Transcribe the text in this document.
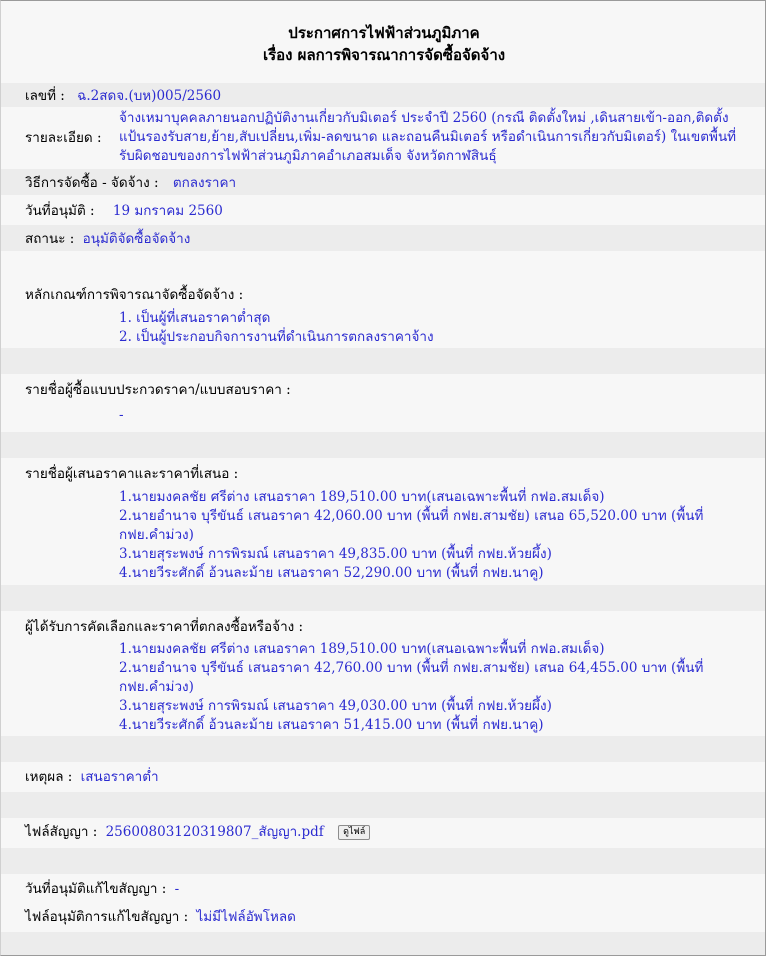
ประกาศการไฟฟ้าส่วนภูมิภาค
เรื่อง ผลการพิจารณาการจัดซื้อจัดจ้าง
เลขที่ : ฉ.2สดจ.(บห)005/2560
รายละเอียด :
จ้างเหมาบุคคลภายนอกปฏิบัติงานเกี่ยวกับมิเตอร์ ประจำปี 2560 (กรณี ติดตั้งใหม่ ,เดินสายเข้า-ออก,ติดตั้ง
แป้นรองรับสาย,ย้าย,สับเปลี่ยน,เพิ่ม-ลดขนาด และถอนคืนมิเตอร์ หรือดำเนินการเกี่ยวกับมิเตอร์) ในเขตพื้นที่
รับผิดชอบของการไฟฟ้าส่วนภูมิภาคอำเภอสมเด็จ จังหวัดกาฬสินธุ์
วิธีการจัดซื้อ - จัดจ้าง : ตกลงราคา
วันที่อนุมัติ : 19 มกราคม 2560
สถานะ : อนุมัติจัดซื้อจัดจ้าง
หลักเกณฑ์การพิจารณาจัดซื้อจัดจ้าง :
1. เป็นผู้ที่เสนอราคาต่ำสุด
2. เป็นผู้ประกอบกิจการงานที่ดำเนินการตกลงราคาจ้าง
รายชื่อผู้ซื้อแบบประกวดราคา/แบบสอบราคา :
-
รายชื่อผู้เสนอราคาและราคาที่เสนอ :
1.นายมงคลชัย ศรีต่าง เสนอราคา 189,510.00 บาท(เสนอเฉพาะพื้นที่ กฟอ.สมเด็จ)
2.นายอำนาจ บุรีขันธ์ เสนอราคา 42,060.00 บาท (พื้นที่ กฟย.สามชัย) เสนอ 65,520.00 บาท (พื้นที่
กฟย.คำม่วง)
3.นายสุระพงษ์ การพิรมณ์ เสนอราคา 49,835.00 บาท (พื้นที่ กฟย.ห้วยผึ้ง)
4.นายวีระศักดิ์ อ้วนละม้าย เสนอราคา 52,290.00 บาท (พื้นที่ กฟย.นาคู)
ผู้ได้รับการคัดเลือกและราคาที่ตกลงซื้อหรือจ้าง :
1.นายมงคลชัย ศรีต่าง เสนอราคา 189,510.00 บาท(เสนอเฉพาะพื้นที่ กฟอ.สมเด็จ)
2.นายอำนาจ บุรีขันธ์ เสนอราคา 42,760.00 บาท (พื้นที่ กฟย.สามชัย) เสนอ 64,455.00 บาท (พื้นที่
กฟย.คำม่วง)
3.นายสุระพงษ์ การพิรมณ์ เสนอราคา 49,030.00 บาท (พื้นที่ กฟย.ห้วยผึ้ง)
4.นายวีระศักดิ์ อ้วนละม้าย เสนอราคา 51,415.00 บาท (พื้นที่ กฟย.นาคู)
เหตุผล : เสนอราคาต่ำ
ไฟล์สัญญา : 25600803120319807_สัญญา.pdf ดูไฟล์
วันที่อนุมัติแก้ไขสัญญา : -
ไฟล์อนุมัติการแก้ไขสัญญา : ไม่มีไฟล์อัพโหลด
